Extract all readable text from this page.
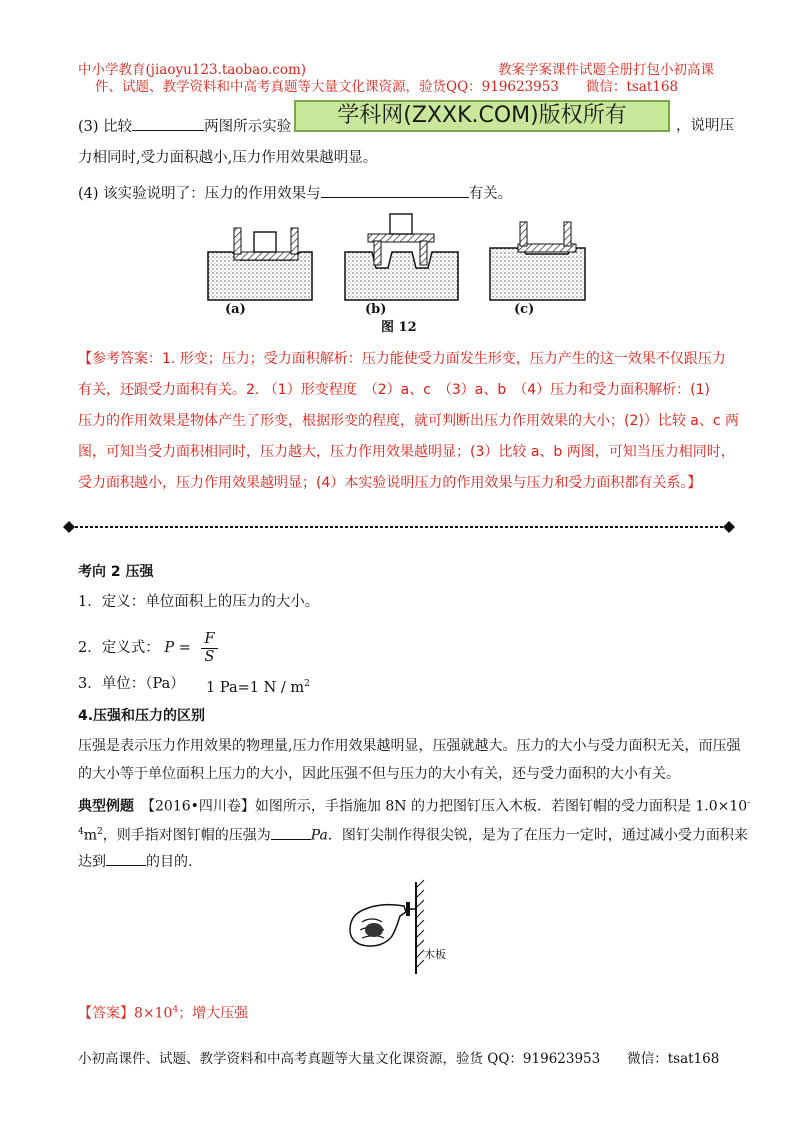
中小学教育(jiaoyu123.taobao.com)	教案学案课件试题全册打包小初高课
件、试题、教学资料和中高考真题等大量文化课资源，验货QQ：919623953　　微信：tsat168
(3) 比较	两图所示实验	，说明压
学科网(ZXXK.COM)版权所有
力相同时,受力面积越小,压力作用效果越明显。
(4) 该实验说明了：压力的作用效果与	有关。
(a)	(b)	(c)
图 12
【参考答案：1. 形变；压力；受力面积解析：压力能使受力面发生形变，压力产生的这一效果不仅跟压力
有关，还跟受力面积有关。2. （1）形变程度　（2）a、c　（3）a、b　（4）压力和受力面积解析：(1)
压力的作用效果是物体产生了形变，根据形变的程度，就可判断出压力作用效果的大小；(2)）比较 a、c 两
图，可知当受力面积相同时，压力越大，压力作用效果越明显；(3）比较 a、b 两图，可知当压力相同时，
受力面积越小，压力作用效果越明显；(4）本实验说明压力的作用效果与压力和受力面积都有关系。】
考向 2 压强
1．定义：单位面积上的压力的大小。
2．定义式： $P = \frac{F}{S}$
3．单位：（Pa） 1 Pa=1 N / $m^2$
4.压强和压力的区别
压强是表示压力作用效果的物理量,压力作用效果越明显，压强就越大。压力的大小与受力面积无关，而压强
的大小等于单位面积上压力的大小，因此压强不但与压力的大小有关，还与受力面积的大小有关。
典型例题　 【2016•四川卷】如图所示，手指施加 8N 的力把图钉压入木板．若图钉帽的受力面积是 1.0×10-
$^4m^2$，则手指对图钉帽的压强为	Pa．图钉尖制作得很尖锐，是为了在压力一定时，通过减小受力面积来
达到	的目的.
木板
【答案】$8\times 10^4$；增大压强
小初高课件、试题、教学资料和中高考真题等大量文化课资源，验货 QQ：919623953　　微信：tsat168
